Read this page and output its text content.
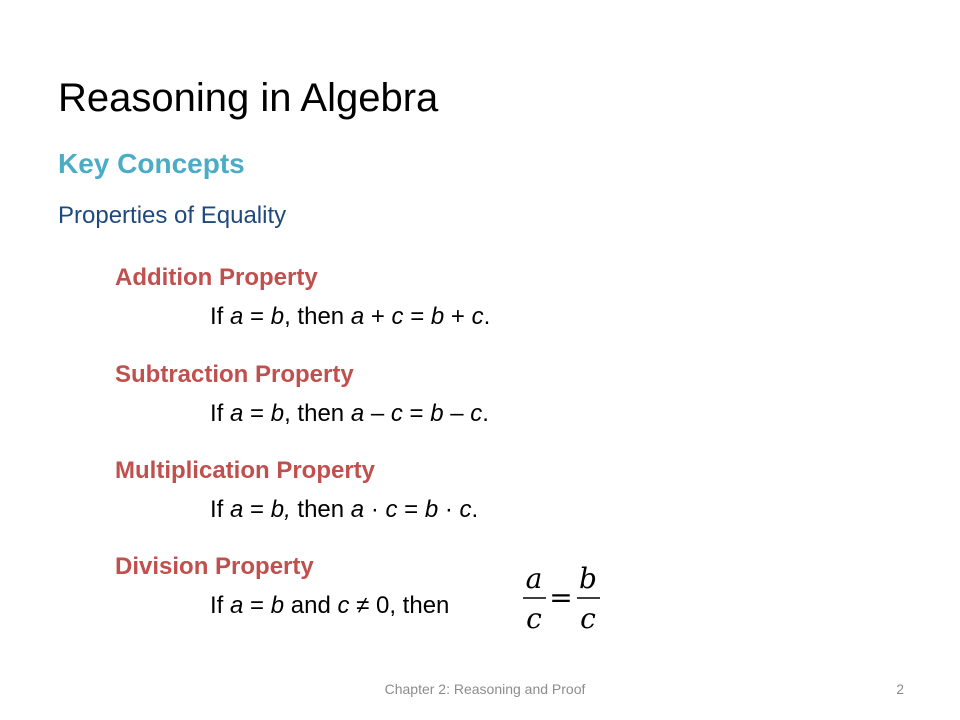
Reasoning in Algebra
Key Concepts
Properties of Equality
Addition Property
If a = b, then a + c = b + c.
Subtraction Property
If a = b, then a – c = b – c.
Multiplication Property
If a = b, then a · c = b · c.
Division Property
If a = b and c ≠ 0, then
a
c
=
b
c
Chapter 2: Reasoning and Proof	2
